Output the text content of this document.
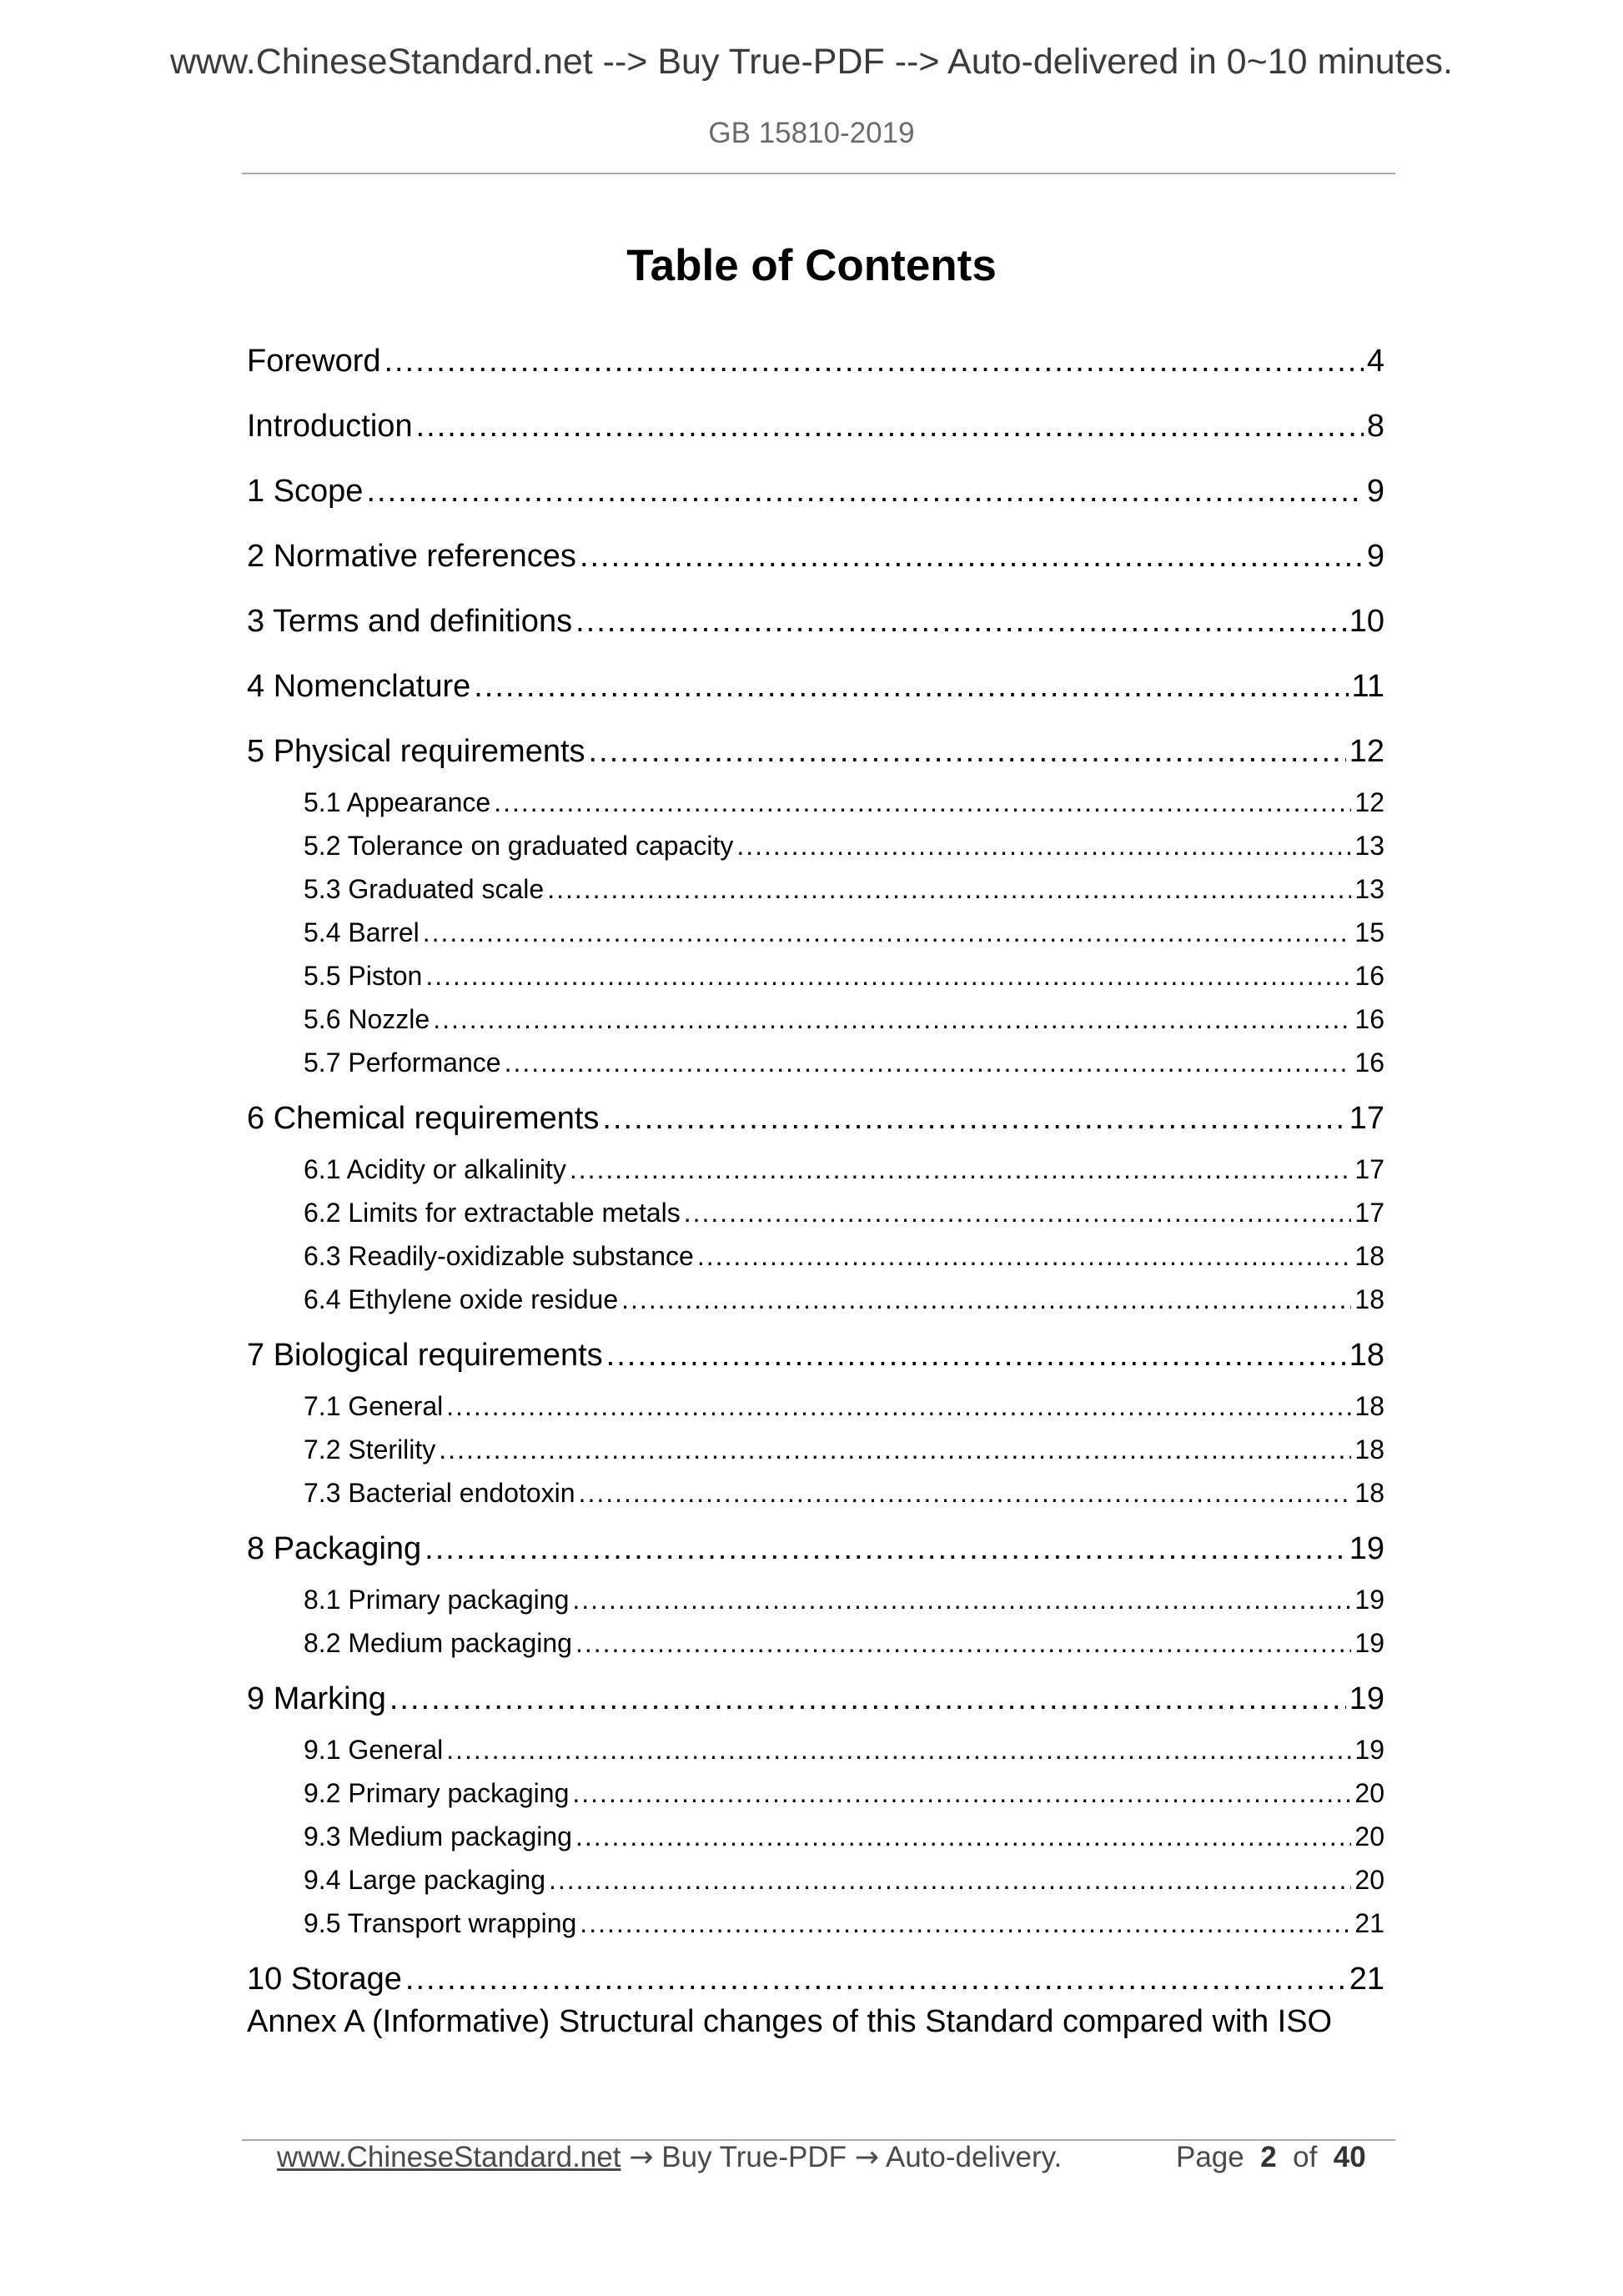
www.ChineseStandard.net --> Buy True-PDF --> Auto-delivered in 0~10 minutes.
GB 15810-2019
Table of Contents
Annex A (Informative) Structural changes of this Standard compared with ISO
Foreword .....	4
Introduction .....	8
1 Scope .....	9
2 Normative references .....	9
3 Terms and definitions .....	10
4 Nomenclature .....	11
5 Physical requirements .....	12
5.1 Appearance .....	12
5.2 Tolerance on graduated capacity .....	13
5.3 Graduated scale .....	13
5.4 Barrel .....	15
5.5 Piston .....	16
5.6 Nozzle .....	16
5.7 Performance .....	16
6 Chemical requirements .....	17
6.1 Acidity or alkalinity .....	17
6.2 Limits for extractable metals .....	17
6.3 Readily-oxidizable substance .....	18
6.4 Ethylene oxide residue .....	18
7 Biological requirements .....	18
7.1 General .....	18
7.2 Sterility .....	18
7.3 Bacterial endotoxin .....	18
8 Packaging .....	19
8.1 Primary packaging .....	19
8.2 Medium packaging .....	19
9 Marking .....	19
9.1 General .....	19
9.2 Primary packaging .....	20
9.3 Medium packaging .....	20
9.4 Large packaging .....	20
9.5 Transport wrapping .....	21
10 Storage .....	21
www.ChineseStandard.net → Buy True-PDF → Auto-delivery.	Page 2 of 40
